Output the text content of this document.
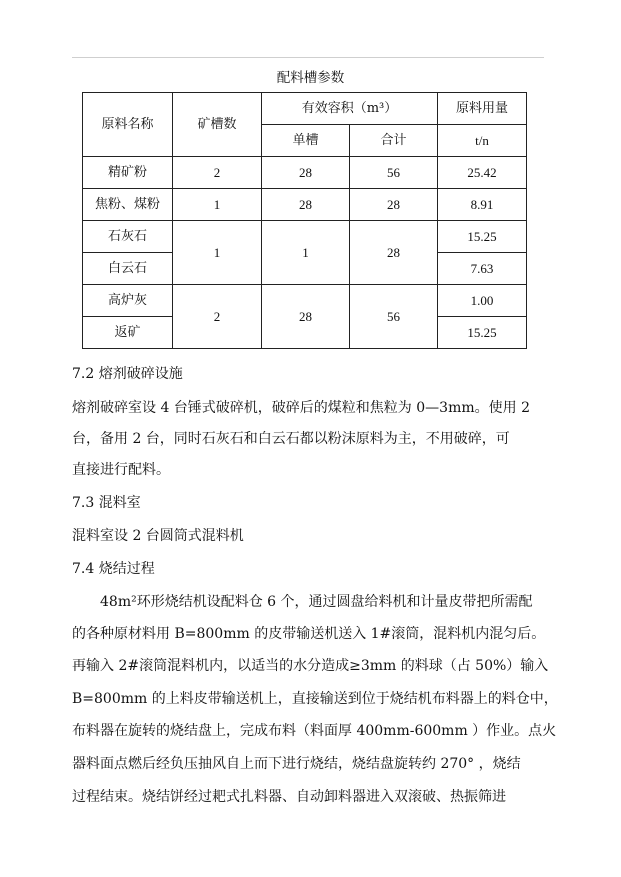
配料槽参数
原料名称	矿槽数	有效容积（m³）		原料用量
		单槽	合计	t/n
精矿粉	2	28	56	25.42
焦粉、煤粉	1	28	28	8.91
石灰石	1	1	28	15.25
白云石				7.63
高炉灰	2	28	56	1.00
返矿				15.25
7.2 熔剂破碎设施
熔剂破碎室设 4 台锤式破碎机，破碎后的煤粒和焦粒为 0—3mm。使用 2
台，备用 2 台，同时石灰石和白云石都以粉沫原料为主，不用破碎，可
直接进行配料。
7.3 混料室
混料室设 2 台圆筒式混料机
7.4 烧结过程
48m²环形烧结机设配料仓 6 个，通过圆盘给料机和计量皮带把所需配
的各种原材料用 B=800mm 的皮带输送机送入 1#滚筒，混料机内混匀后。
再输入 2#滚筒混料机内，以适当的水分造成≥3mm 的料球（占 50%）输入
B=800mm 的上料皮带输送机上，直接输送到位于烧结机布料器上的料仓中，
布料器在旋转的烧结盘上，完成布料（料面厚 400mm-600mm ）作业。点火
器料面点燃后经负压抽风自上而下进行烧结，烧结盘旋转约 270° ，烧结
过程结束。烧结饼经过耙式扎料器、自动卸料器进入双滚破、热振筛进
